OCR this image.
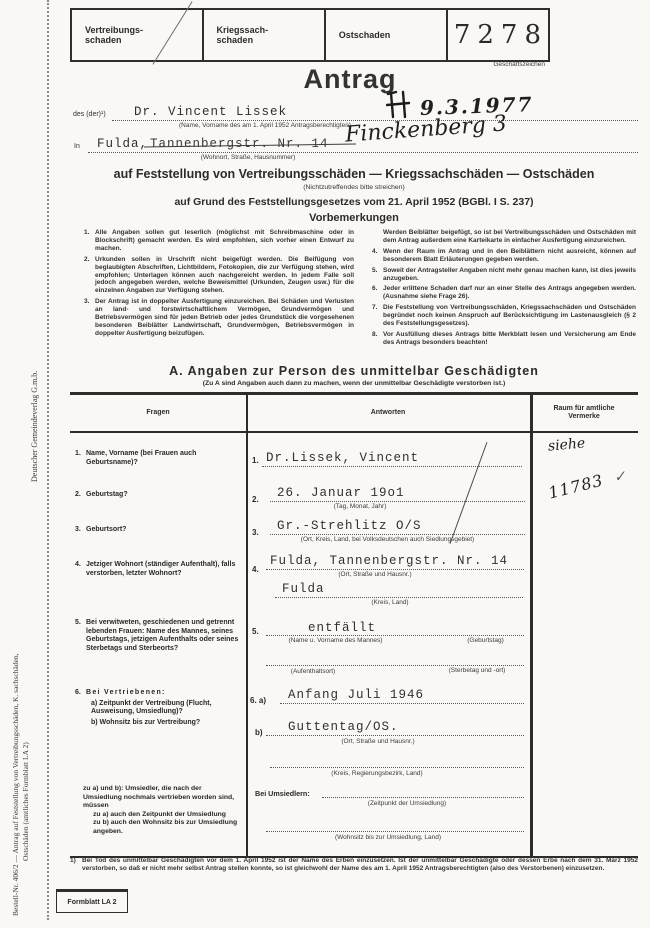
Deutscher Gemeindeverlag G.m.b.
Bestell-Nr. 406/2 — Antrag auf Feststellung von Vertreibungsschäden, K. sachschäden, Ostschäden (amtliches Formblatt LA 2)
Vertreibungs-
schaden
Kriegssach-
schaden
Ostschaden	7278
Geschäftszeichen
Antrag
des (der)¹) Dr. Vincent Lissek	9.3.1977
(Name, Vorname des am 1. April 1952 Antragsberechtigten)
In Fulda, Tannenbergstr. Nr. 14 Finckenberg 3
(Wohnort, Straße, Hausnummer)
auf Feststellung von Vertreibungsschäden — Kriegssachschäden — Ostschäden
(Nichtzutreffendes bitte streichen)
auf Grund des Feststellungsgesetzes vom 21. April 1952 (BGBl. I S. 237)
Vorbemerkungen
1. Alle Angaben sollen gut leserlich (möglichst mit Schreibmaschine oder in Blockschrift) gemacht werden. Es wird empfohlen, sich vorher einen Entwurf zu machen.
2. Urkunden sollen in Urschrift nicht beigefügt werden. Die Beifügung von beglaubigten Abschriften, Lichtbildern, Fotokopien, die zur Verfügung stehen, wird empfohlen; Unterlagen können auch nachgereicht werden. In jedem Falle soll jedoch angegeben werden, welche Beweismittel (Urkunden, Zeugen usw.) für die einzelnen Angaben zur Verfügung stehen.
3. Der Antrag ist in doppelter Ausfertigung einzureichen. Bei Schäden und Verlusten an land- und forstwirtschaftlichem Vermögen, Grundvermögen und Betriebsvermögen sind für jeden Betrieb oder jedes Grundstück die vorgesehenen besonderen Beiblätter Landwirtschaft, Grundvermögen, Betriebsvermögen in doppelter Ausfertigung beizufügen.
Werden Beiblätter beigefügt, so ist bei Vertreibungsschäden und Ostschäden mit dem Antrag außerdem eine Karteikarte in einfacher Ausfertigung einzureichen.
4. Wenn der Raum im Antrag und in den Beiblättern nicht ausreicht, können auf besonderem Blatt Erläuterungen gegeben werden.
5. Soweit der Antragsteller Angaben nicht mehr genau machen kann, ist dies jeweils anzugeben.
6. Jeder erlittene Schaden darf nur an einer Stelle des Antrags angegeben werden. (Ausnahme siehe Frage 26).
7. Die Feststellung von Vertreibungsschäden, Kriegssachschäden und Ostschäden begründet noch keinen Anspruch auf Berücksichtigung im Lastenausgleich (§ 2 des Feststellungsgesetzes).
8. Vor Ausfüllung dieses Antrags bitte Merkblatt lesen und Versicherung am Ende des Antrags besonders beachten!
A. Angaben zur Person des unmittelbar Geschädigten
(Zu A sind Angaben auch dann zu machen, wenn der unmittelbar Geschädigte verstorben ist.)
Fragen	Antworten
Raum für amtliche Vermerke
1. Name, Vorname (bei Frauen auch Geburtsname)?
2. Geburtstag?
3. Geburtsort?
4. Jetziger Wohnort (ständiger Aufenthalt), falls verstorben, letzter Wohnort?
5. Bei verwitweten, geschiedenen und getrennt lebenden Frauen: Name des Mannes, seines Geburtstags, jetzigen Aufenthalts oder seines Sterbetags und Sterbeorts?
6. Bei Vertriebenen:
a) Zeitpunkt der Vertreibung (Flucht, Ausweisung, Umsiedlung)?
b) Wohnsitz bis zur Vertreibung?
zu a) und b): Umsiedler, die nach der Umsiedlung nochmals vertrieben worden sind, müssen
zu a) auch den Zeitpunkt der Umsiedlung
zu b) auch den Wohnsitz bis zur Umsiedlung
angeben.
1. Dr.Lissek, Vincent
2. 26. Januar 19o1
(Tag, Monat, Jahr)
3. Gr.-Strehlitz O/S
(Ort, Kreis, Land, bei Volksdeutschen auch Siedlungsgebiet)
4.
Fulda, Tannenbergstr. Nr. 14
(Ort, Straße und Hausnr.)
Fulda
(Kreis, Land)
5.	entfällt
(Name u. Vorname des Mannes)	(Geburtstag)
(Aufenthaltsort)	(Sterbetag und -ort)
6. a) Anfang Juli 1946
b) Guttentag/OS.
(Ort, Straße und Hausnr.)
(Kreis, Regierungsbezirk, Land)
Bei Umsiedlern:
(Zeitpunkt der Umsiedlung)
(Wohnsitz bis zur Umsiedlung, Land)
siehe
11783 ✓
1) Bei Tod des unmittelbar Geschädigten vor dem 1. April 1952 ist der Name des Erben einzusetzen. Ist der unmittelbar Geschädigte oder dessen Erbe nach dem 31. März 1952 verstorben, so daß er nicht mehr selbst Antrag stellen konnte, so ist gleichwohl der Name des am 1. April 1952 Antragsberechtigten (also des Verstorbenen) einzusetzen.
Formblatt LA 2
